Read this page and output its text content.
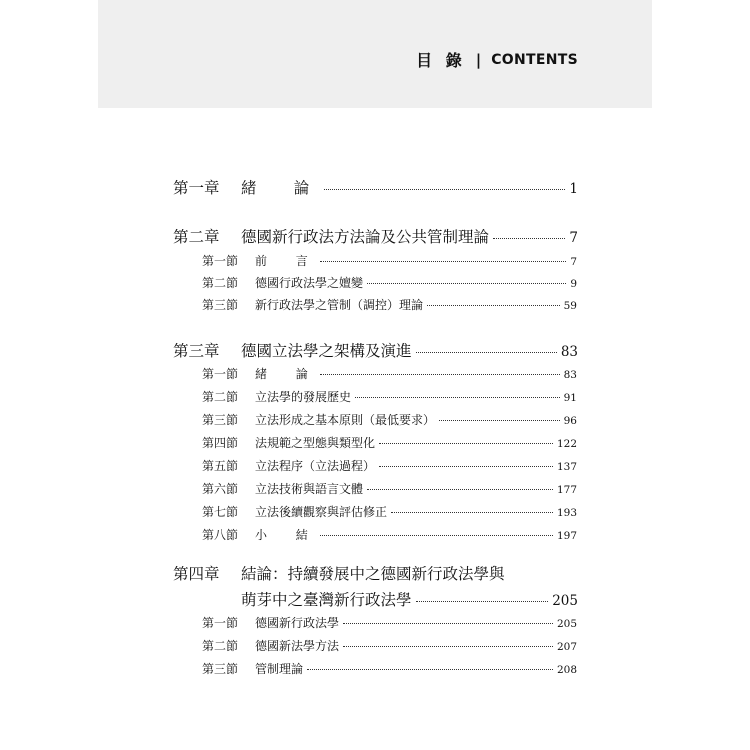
目 錄 | CONTENTS
第一章	緒　論	1
第二章	德國新行政法方法論及公共管制理論	7
第一節	前　言	7
第二節	德國行政法學之嬗變	9
第三節	新行政法學之管制（調控）理論	59
第三章	德國立法學之架構及演進	83
第一節	緒　論	83
第二節	立法學的發展歷史	91
第三節	立法形成之基本原則（最低要求）	96
第四節	法規範之型態與類型化	122
第五節	立法程序（立法過程）	137
第六節	立法技術與語言文體	177
第七節	立法後續觀察與評估修正	193
第八節	小　結	197
第四章 結論：持續發展中之德國新行政法學與
萌芽中之臺灣新行政法學	205
第一節	德國新行政法學	205
第二節	德國新法學方法	207
第三節	管制理論	208
